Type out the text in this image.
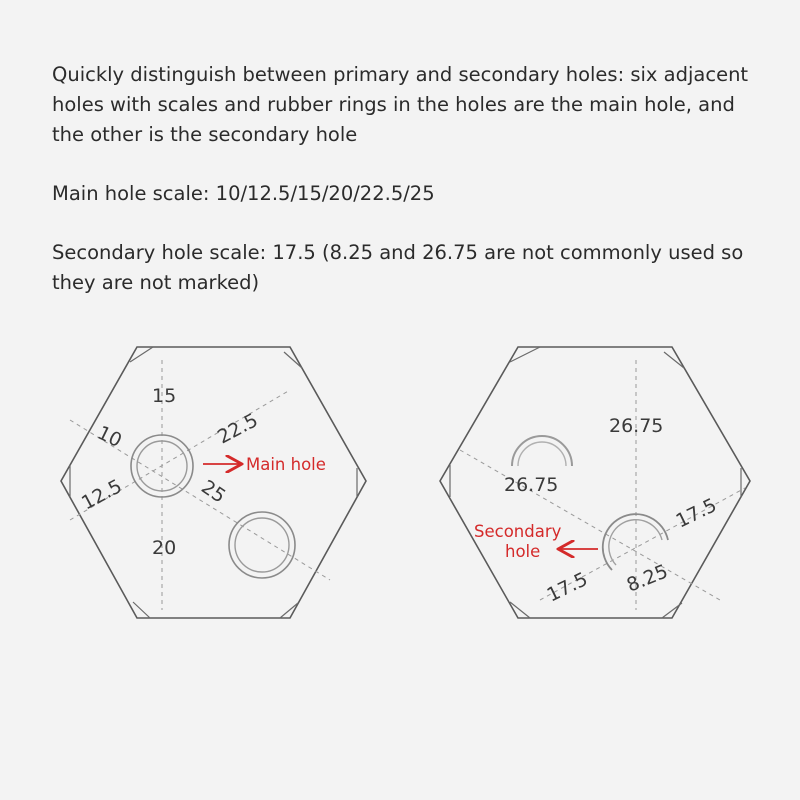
Quickly distinguish between primary and secondary holes: six adjacent holes with scales and rubber rings in the holes are the main hole, and the other is the secondary hole

Main hole scale: 10/12.5/15/20/22.5/25

Secondary hole scale: 17.5 (8.25 and 26.75 are not commonly used so they are not marked)

15
10	22.5
12.5	25
20
Main hole
26.75
26.75
17.5
17.5 8.25
Secondary
hole
